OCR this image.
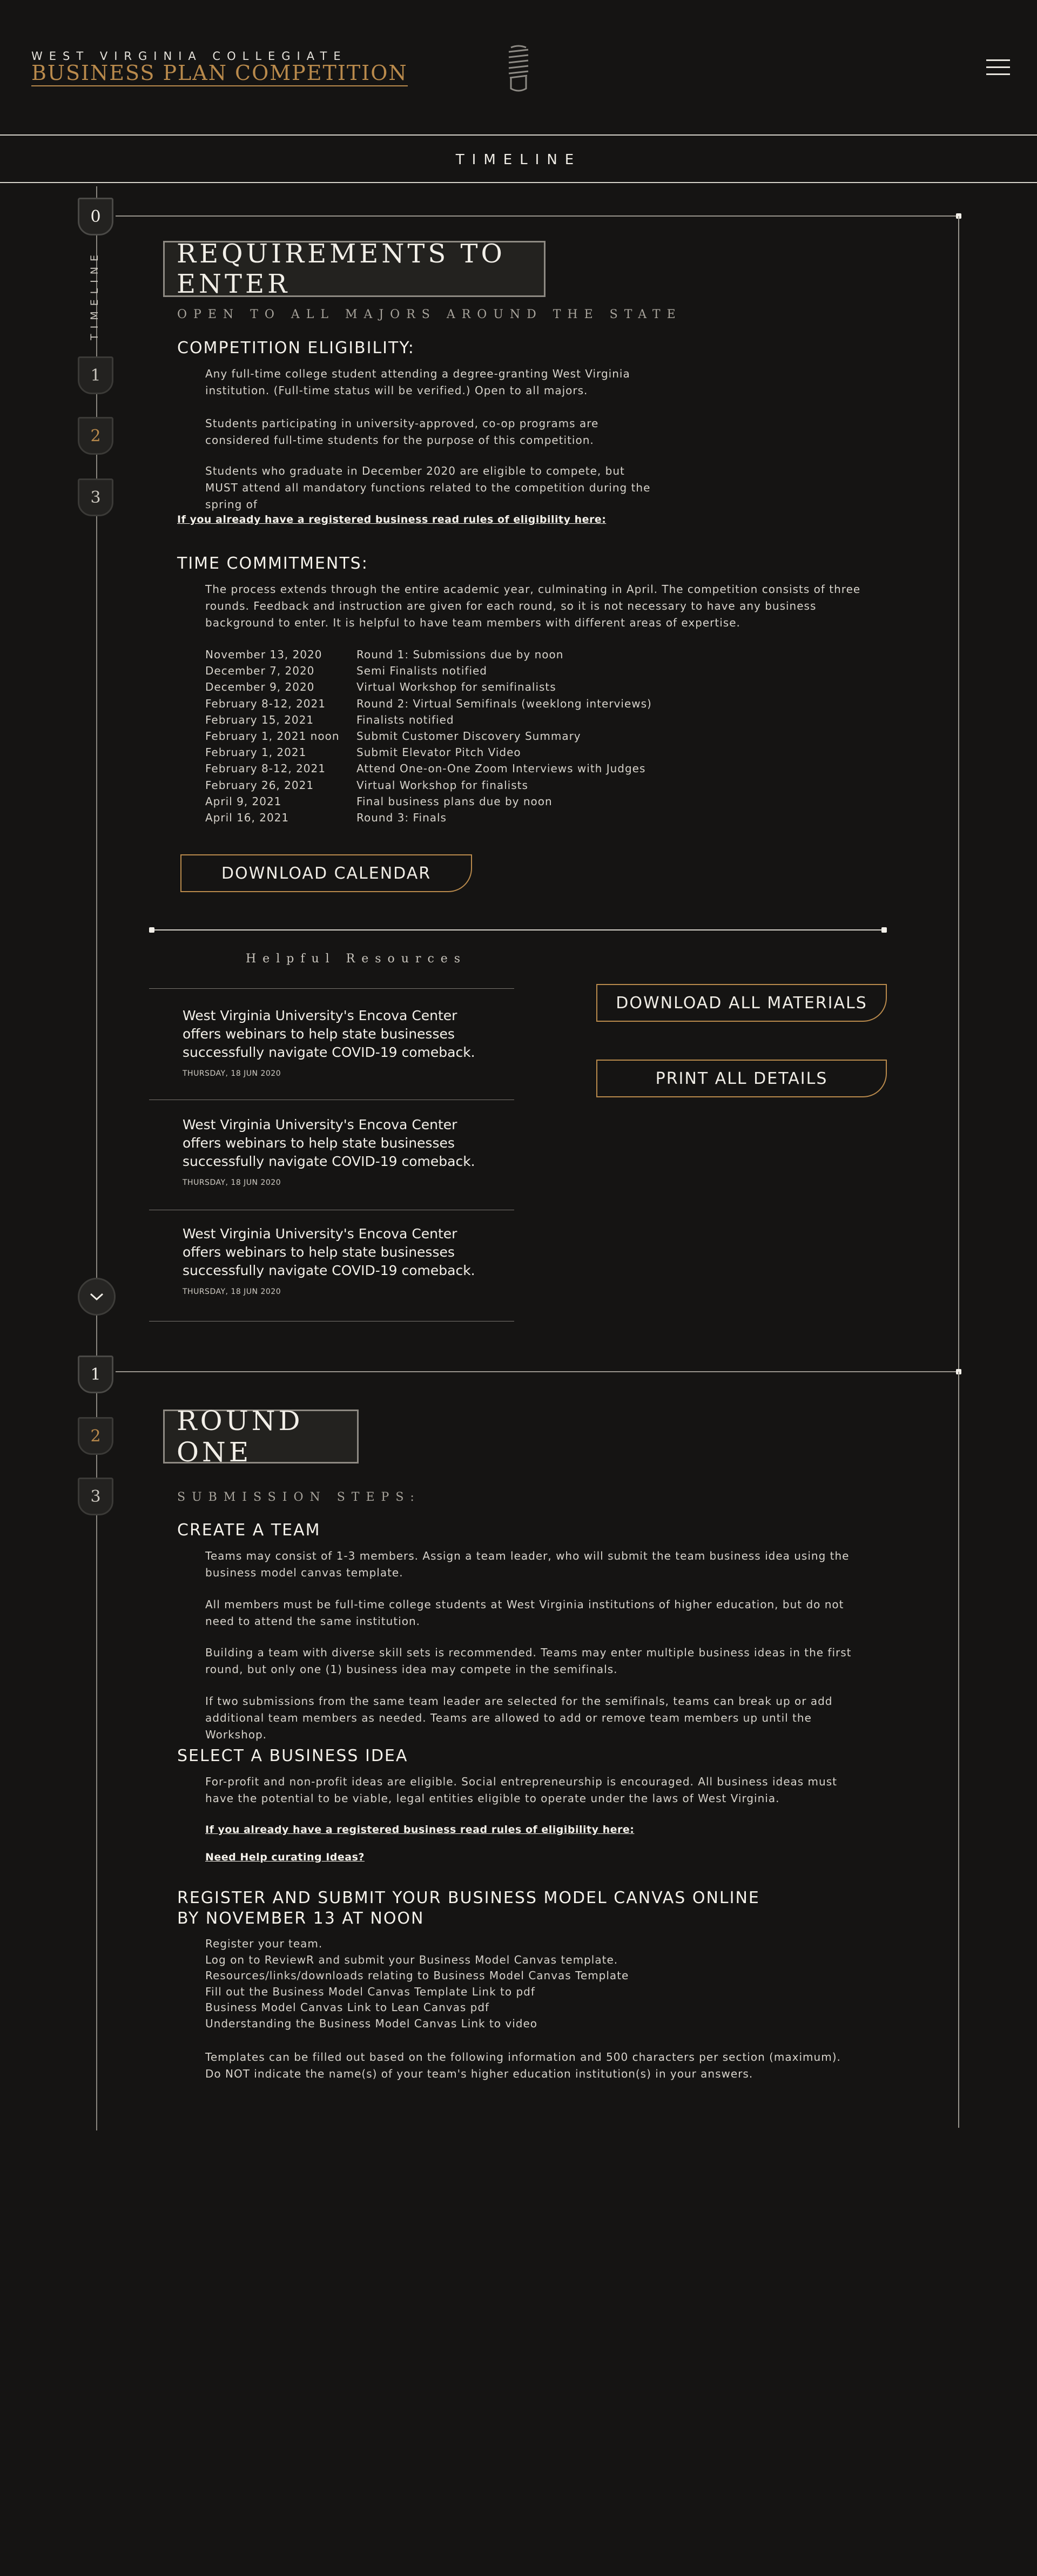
WEST VIRGINIA COLLEGIATE
BUSINESS PLAN COMPETITION
TIMELINE
0
TIMELINE
1
2
3
REQUIREMENTS TO ENTER
OPEN TO ALL MAJORS AROUND THE STATE
COMPETITION ELIGIBILITY:
Any full-time college student attending a degree-granting West Virginia institution. (Full-time status will be verified.) Open to all majors.
Students participating in university-approved, co-op programs are considered full-time students for the purpose of this competition.
Students who graduate in December 2020 are eligible to compete, but MUST attend all mandatory functions related to the competition during the spring of
If you already have a registered business read rules of eligibility here:
TIME COMMITMENTS:
The process extends through the entire academic year, culminating in April. The competition consists of three rounds. Feedback and instruction are given for each round, so it is not necessary to have any business background to enter. It is helpful to have team members with different areas of expertise.
November 13, 2020	Round 1: Submissions due by noon
December 7, 2020	Semi Finalists notified
December 9, 2020	Virtual Workshop for semifinalists
February 8-12, 2021	Round 2: Virtual Semifinals (weeklong interviews)
February 15, 2021	Finalists notified
February 1, 2021 noon	Submit Customer Discovery Summary
February 1, 2021	Submit Elevator Pitch Video
February 8-12, 2021	Attend One-on-One Zoom Interviews with Judges
February 26, 2021	Virtual Workshop for finalists
April 9, 2021	Final business plans due by noon
April 16, 2021	Round 3: Finals
DOWNLOAD CALENDAR
Helpful Resources
West Virginia University's Encova Center offers webinars to help state businesses successfully navigate COVID-19 comeback.
THURSDAY, 18 JUN 2020
West Virginia University's Encova Center offers webinars to help state businesses successfully navigate COVID-19 comeback.
THURSDAY, 18 JUN 2020
West Virginia University's Encova Center offers webinars to help state businesses successfully navigate COVID-19 comeback.
THURSDAY, 18 JUN 2020
DOWNLOAD ALL MATERIALS
PRINT ALL DETAILS
1
2
3
ROUND ONE
SUBMISSION STEPS:
CREATE A TEAM
Teams may consist of 1-3 members. Assign a team leader, who will submit the team business idea using the business model canvas template.
All members must be full-time college students at West Virginia institutions of higher education, but do not need to attend the same institution.
Building a team with diverse skill sets is recommended. Teams may enter multiple business ideas in the first round, but only one (1) business idea may compete in the semifinals.
If two submissions from the same team leader are selected for the semifinals, teams can break up or add additional team members as needed. Teams are allowed to add or remove team members up until the Workshop.
SELECT A BUSINESS IDEA
For-profit and non-profit ideas are eligible. Social entrepreneurship is encouraged. All business ideas must have the potential to be viable, legal entities eligible to operate under the laws of West Virginia.
If you already have a registered business read rules of eligibility here:
Need Help curating Ideas?
REGISTER AND SUBMIT YOUR BUSINESS MODEL CANVAS ONLINE BY NOVEMBER 13 AT NOON
Register your team.
Log on to ReviewR and submit your Business Model Canvas template.
Resources/links/downloads relating to Business Model Canvas Template
Fill out the Business Model Canvas Template Link to pdf
Business Model Canvas Link to Lean Canvas pdf
Understanding the Business Model Canvas Link to video
Templates can be filled out based on the following information and 500 characters per section (maximum). Do NOT indicate the name(s) of your team's higher education institution(s) in your answers.
